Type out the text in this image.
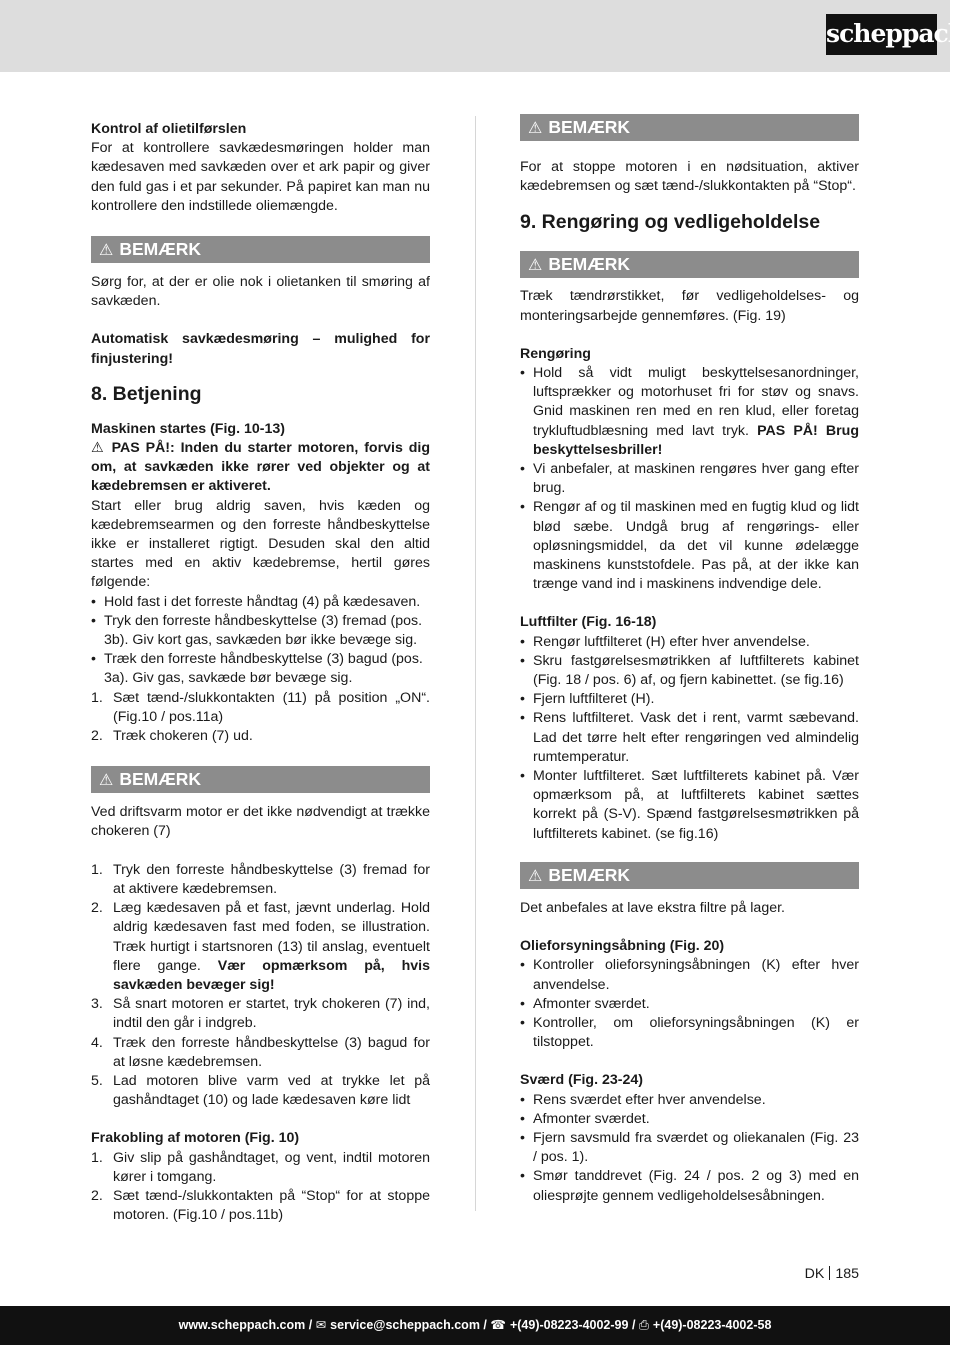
scheppach

Kontrol af olietilførslen

For at kontrollere savkædesmøringen holder man kædesaven med savkæden over et ark papir og giver den fuld gas i et par sekunder. På papiret kan man nu kontrollere den indstillede oliemængde.

⚠ BEMÆRK

Sørg for, at der er olie nok i olietanken til smøring af savkæden.

Automatisk savkædesmøring – mulighed for finjustering!

8. Betjening

Maskinen startes (Fig. 10-13)

⚠ PAS PÅ!: Inden du starter motoren, forvis dig om, at savkæden ikke rører ved objekter og at kædebremsen er aktiveret.

Start eller brug aldrig saven, hvis kæden og kædebremsearmen og den forreste håndbeskyttelse ikke er installeret rigtigt. Desuden skal den altid startes med en aktiv kædebremse, hertil gøres følgende:

• Hold fast i det forreste håndtag (4) på kædesaven.
• Tryk den forreste håndbeskyttelse (3) fremad (pos. 3b). Giv kort gas, savkæden bør ikke bevæge sig.
• Træk den forreste håndbeskyttelse (3) bagud (pos. 3a). Giv gas, savkæde bør bevæge sig.
1. Sæt tænd-/slukkontakten (11) på position „ON“. (Fig.10 / pos.11a)
2. Træk chokeren (7) ud.
⚠ BEMÆRK

Ved driftsvarm motor er det ikke nødvendigt at trække chokeren (7)

1. Tryk den forreste håndbeskyttelse (3) fremad for at aktivere kædebremsen.
2. Læg kædesaven på et fast, jævnt underlag. Hold aldrig kædesaven fast med foden, se illustration. Træk hurtigt i startsnoren (13) til anslag, eventuelt flere gange. Vær opmærksom på, hvis savkæden bevæger sig!
3. Så snart motoren er startet, tryk chokeren (7) ind, indtil den går i indgreb.
4. Træk den forreste håndbeskyttelse (3) bagud for at løsne kædebremsen.
5. Lad motoren blive varm ved at trykke let på gashåndtaget (10) og lade kædesaven køre lidt

Frakobling af motoren (Fig. 10)

1. Giv slip på gashåndtaget, og vent, indtil motoren kører i tomgang.
2. Sæt tænd-/slukkontakten på “Stop“ for at stoppe motoren. (Fig.10 / pos.11b)
⚠ BEMÆRK

For at stoppe motoren i en nødsituation, aktiver kædebremsen og sæt tænd-/slukkontakten på “Stop“.

9. Rengøring og vedligeholdelse

⚠ BEMÆRK

Træk tændrørstikket, før vedligeholdelses- og monteringsarbejde gennemføres. (Fig. 19)

Rengøring

• Hold så vidt muligt beskyttelsesanordninger, luftsprækker og motorhuset fri for støv og snavs. Gnid maskinen ren med en ren klud, eller foretag trykluftudblæsning med lavt tryk. PAS PÅ! Brug beskyttelsesbriller!
• Vi anbefaler, at maskinen rengøres hver gang efter brug.
• Rengør af og til maskinen med en fugtig klud og lidt blød sæbe. Undgå brug af rengørings- eller opløsningsmiddel, da det vil kunne ødelægge maskinens kunststofdele. Pas på, at der ikke kan trænge vand ind i maskinens indvendige dele.

Luftfilter (Fig. 16-18)

• Rengør luftfilteret (H) efter hver anvendelse.
• Skru fastgørelsesmøtrikken af luftfilterets kabinet (Fig. 18 / pos. 6) af, og fjern kabinettet. (se fig.16)
• Fjern luftfilteret (H).
• Rens luftfilteret. Vask det i rent, varmt sæbevand. Lad det tørre helt efter rengøringen ved almindelig rumtemperatur.
• Monter luftfilteret. Sæt luftfilterets kabinet på. Vær opmærksom på, at luftfilterets kabinet sættes korrekt på (S-V). Spænd fastgørelsesmøtrikken på luftfilterets kabinet. (se fig.16)
⚠ BEMÆRK

Det anbefales at lave ekstra filtre på lager.

Olieforsyningsåbning (Fig. 20)

• Kontroller olieforsyningsåbningen (K) efter hver anvendelse.
• Afmonter sværdet.
• Kontroller, om olieforsyningsåbningen (K) er tilstoppet.

Sværd (Fig. 23-24)

• Rens sværdet efter hver anvendelse.
• Afmonter sværdet.
• Fjern savsmuld fra sværdet og oliekanalen (Fig. 23 / pos. 1).
• Smør tanddrevet (Fig. 24 / pos. 2 og 3) med en oliesprøjte gennem vedligeholdelsesåbningen.
DK 185
www.scheppach.com / ✉ service@scheppach.com / ☎ +(49)-08223-4002-99 / ⎙ +(49)-08223-4002-58
